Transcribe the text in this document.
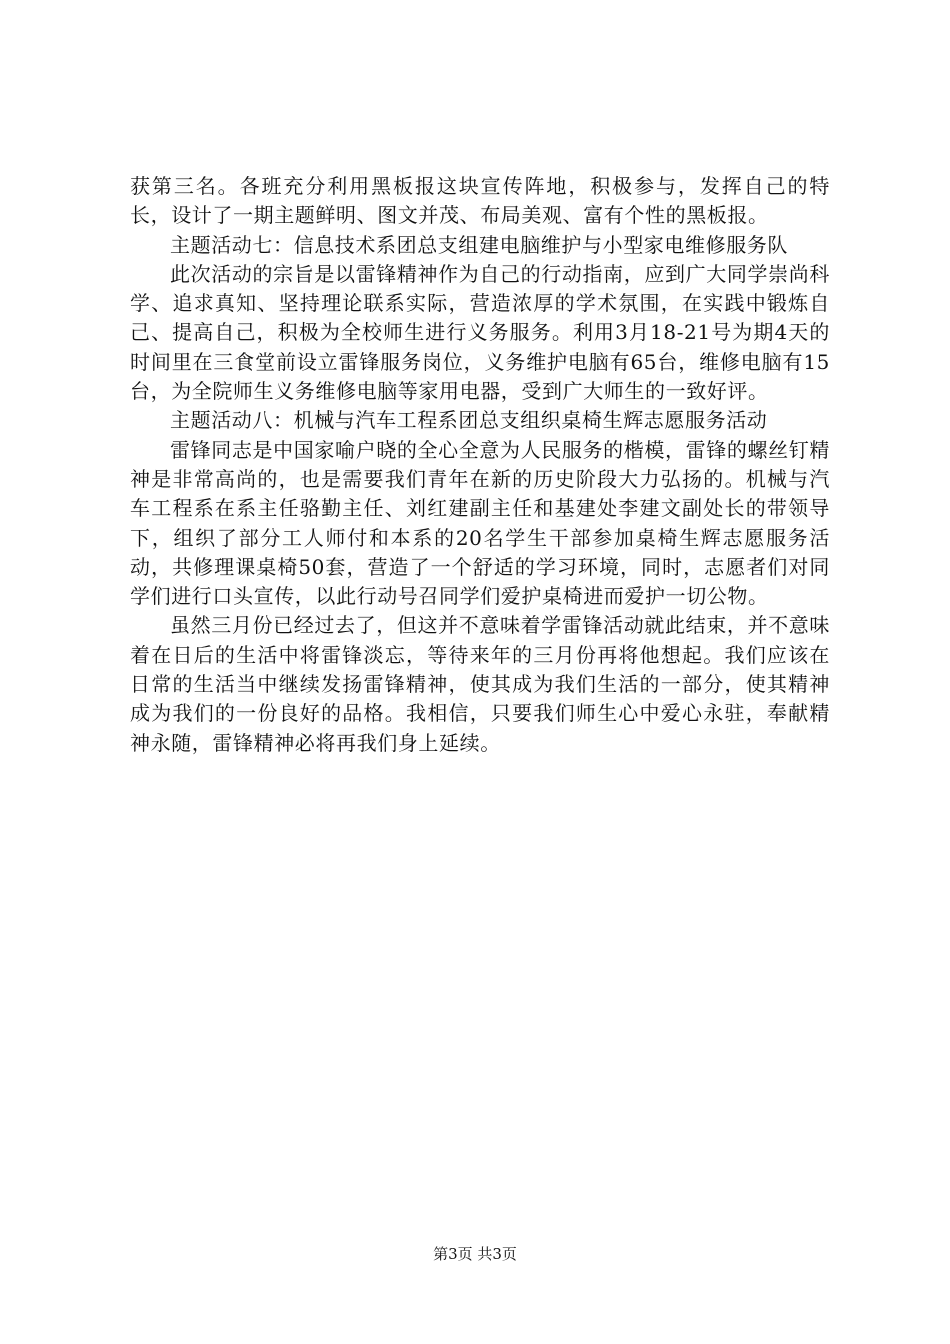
获第三名。各班充分利用黑板报这块宣传阵地，积极参与，发挥自己的特长，设计了一期主题鲜明、图文并茂、布局美观、富有个性的黑板报。

主题活动七：信息技术系团总支组建电脑维护与小型家电维修服务队

此次活动的宗旨是以雷锋精神作为自己的行动指南，应到广大同学崇尚科学、追求真知、坚持理论联系实际，营造浓厚的学术氛围，在实践中锻炼自己、提高自己，积极为全校师生进行义务服务。利用3月18-21号为期4天的时间里在三食堂前设立雷锋服务岗位，义务维护电脑有65台，维修电脑有15台，为全院师生义务维修电脑等家用电器，受到广大师生的一致好评。

主题活动八：机械与汽车工程系团总支组织桌椅生辉志愿服务活动

雷锋同志是中国家喻户晓的全心全意为人民服务的楷模，雷锋的螺丝钉精神是非常高尚的，也是需要我们青年在新的历史阶段大力弘扬的。机械与汽车工程系在系主任骆勤主任、刘红建副主任和基建处李建文副处长的带领导下，组织了部分工人师付和本系的20名学生干部参加桌椅生辉志愿服务活动，共修理课桌椅50套，营造了一个舒适的学习环境，同时，志愿者们对同学们进行口头宣传，以此行动号召同学们爱护桌椅进而爱护一切公物。

虽然三月份已经过去了，但这并不意味着学雷锋活动就此结束，并不意味着在日后的生活中将雷锋淡忘，等待来年的三月份再将他想起。我们应该在日常的生活当中继续发扬雷锋精神，使其成为我们生活的一部分，使其精神成为我们的一份良好的品格。我相信，只要我们师生心中爱心永驻，奉献精神永随，雷锋精神必将再我们身上延续。

第3页 共3页
